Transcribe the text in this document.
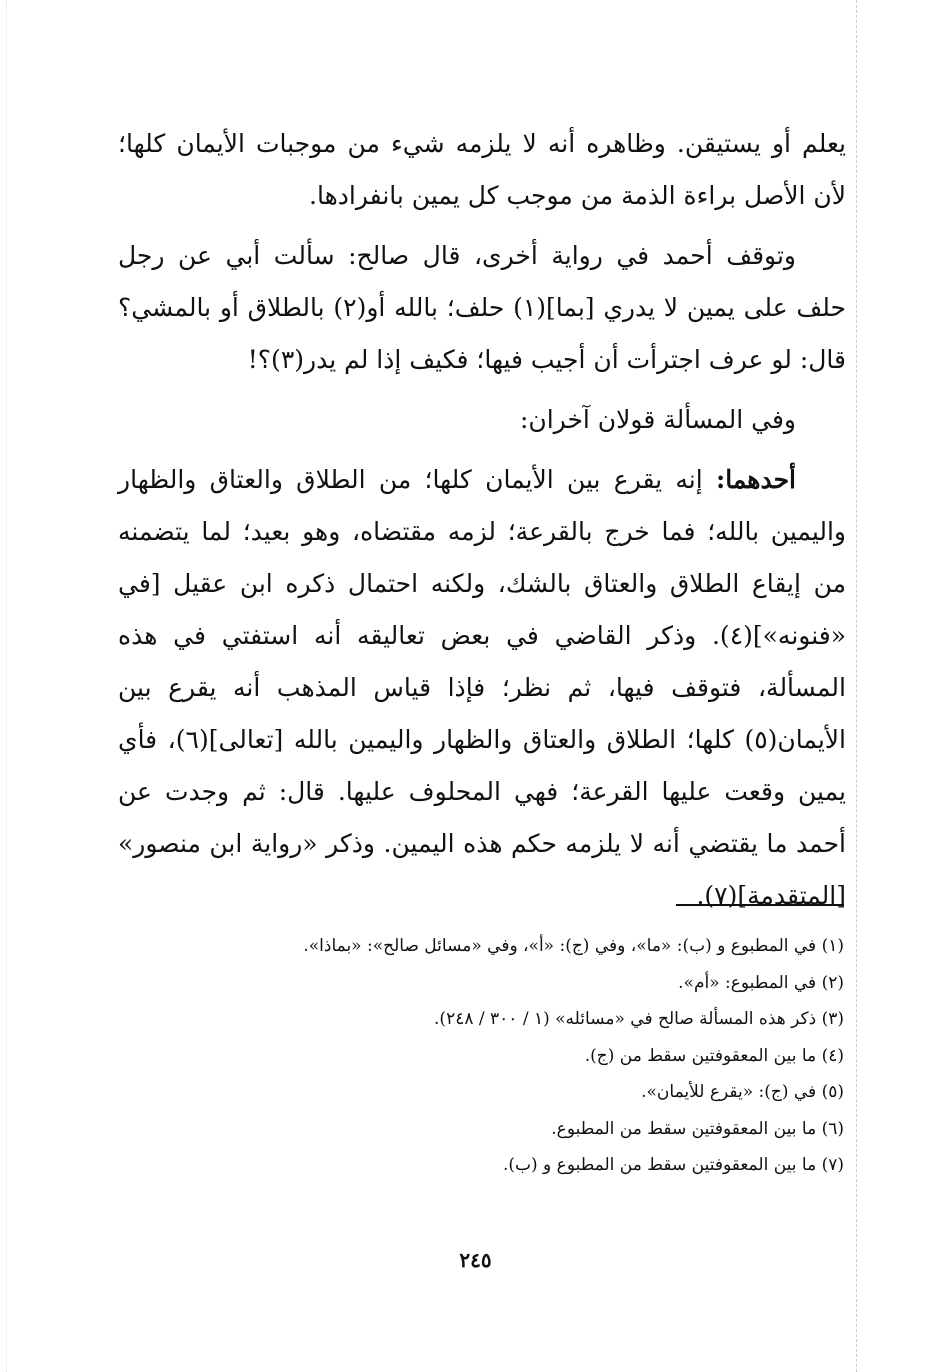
يعلم أو يستيقن. وظاهره أنه لا يلزمه شيء من موجبات الأيمان كلها؛ لأن الأصل براءة الذمة من موجب كل يمين بانفرادها.

وتوقف أحمد في رواية أخرى، قال صالح: سألت أبي عن رجل حلف على يمين لا يدري [بما](١) حلف؛ بالله أو(٢) بالطلاق أو بالمشي؟ قال: لو عرف اجترأت أن أجيب فيها؛ فكيف إذا لم يدر(٣)؟!

وفي المسألة قولان آخران:

أحدهما: إنه يقرع بين الأيمان كلها؛ من الطلاق والعتاق والظهار واليمين بالله؛ فما خرج بالقرعة؛ لزمه مقتضاه، وهو بعيد؛ لما يتضمنه من إيقاع الطلاق والعتاق بالشك، ولكنه احتمال ذكره ابن عقيل [في «فنونه»](٤). وذكر القاضي في بعض تعاليقه أنه استفتي في هذه المسألة، فتوقف فيها، ثم نظر؛ فإذا قياس المذهب أنه يقرع بين الأيمان(٥) كلها؛ الطلاق والعتاق والظهار واليمين بالله [تعالى](٦)، فأي يمين وقعت عليها القرعة؛ فهي المحلوف عليها. قال: ثم وجدت عن أحمد ما يقتضي أنه لا يلزمه حكم هذه اليمين. وذكر «رواية ابن منصور» [المتقدمة](٧).

(١) في المطبوع و (ب): «ما»، وفي (ج): «أ»، وفي «مسائل صالح»: «بماذا».
(٢) في المطبوع: «أم».
(٣) ذكر هذه المسألة صالح في «مسائله» (١ / ٣٠٠ / ٢٤٨).
(٤) ما بين المعقوفتين سقط من (ج).
(٥) في (ج): «يقرع للأيمان».
(٦) ما بين المعقوفتين سقط من المطبوع.
(٧) ما بين المعقوفتين سقط من المطبوع و (ب).
٢٤٥
